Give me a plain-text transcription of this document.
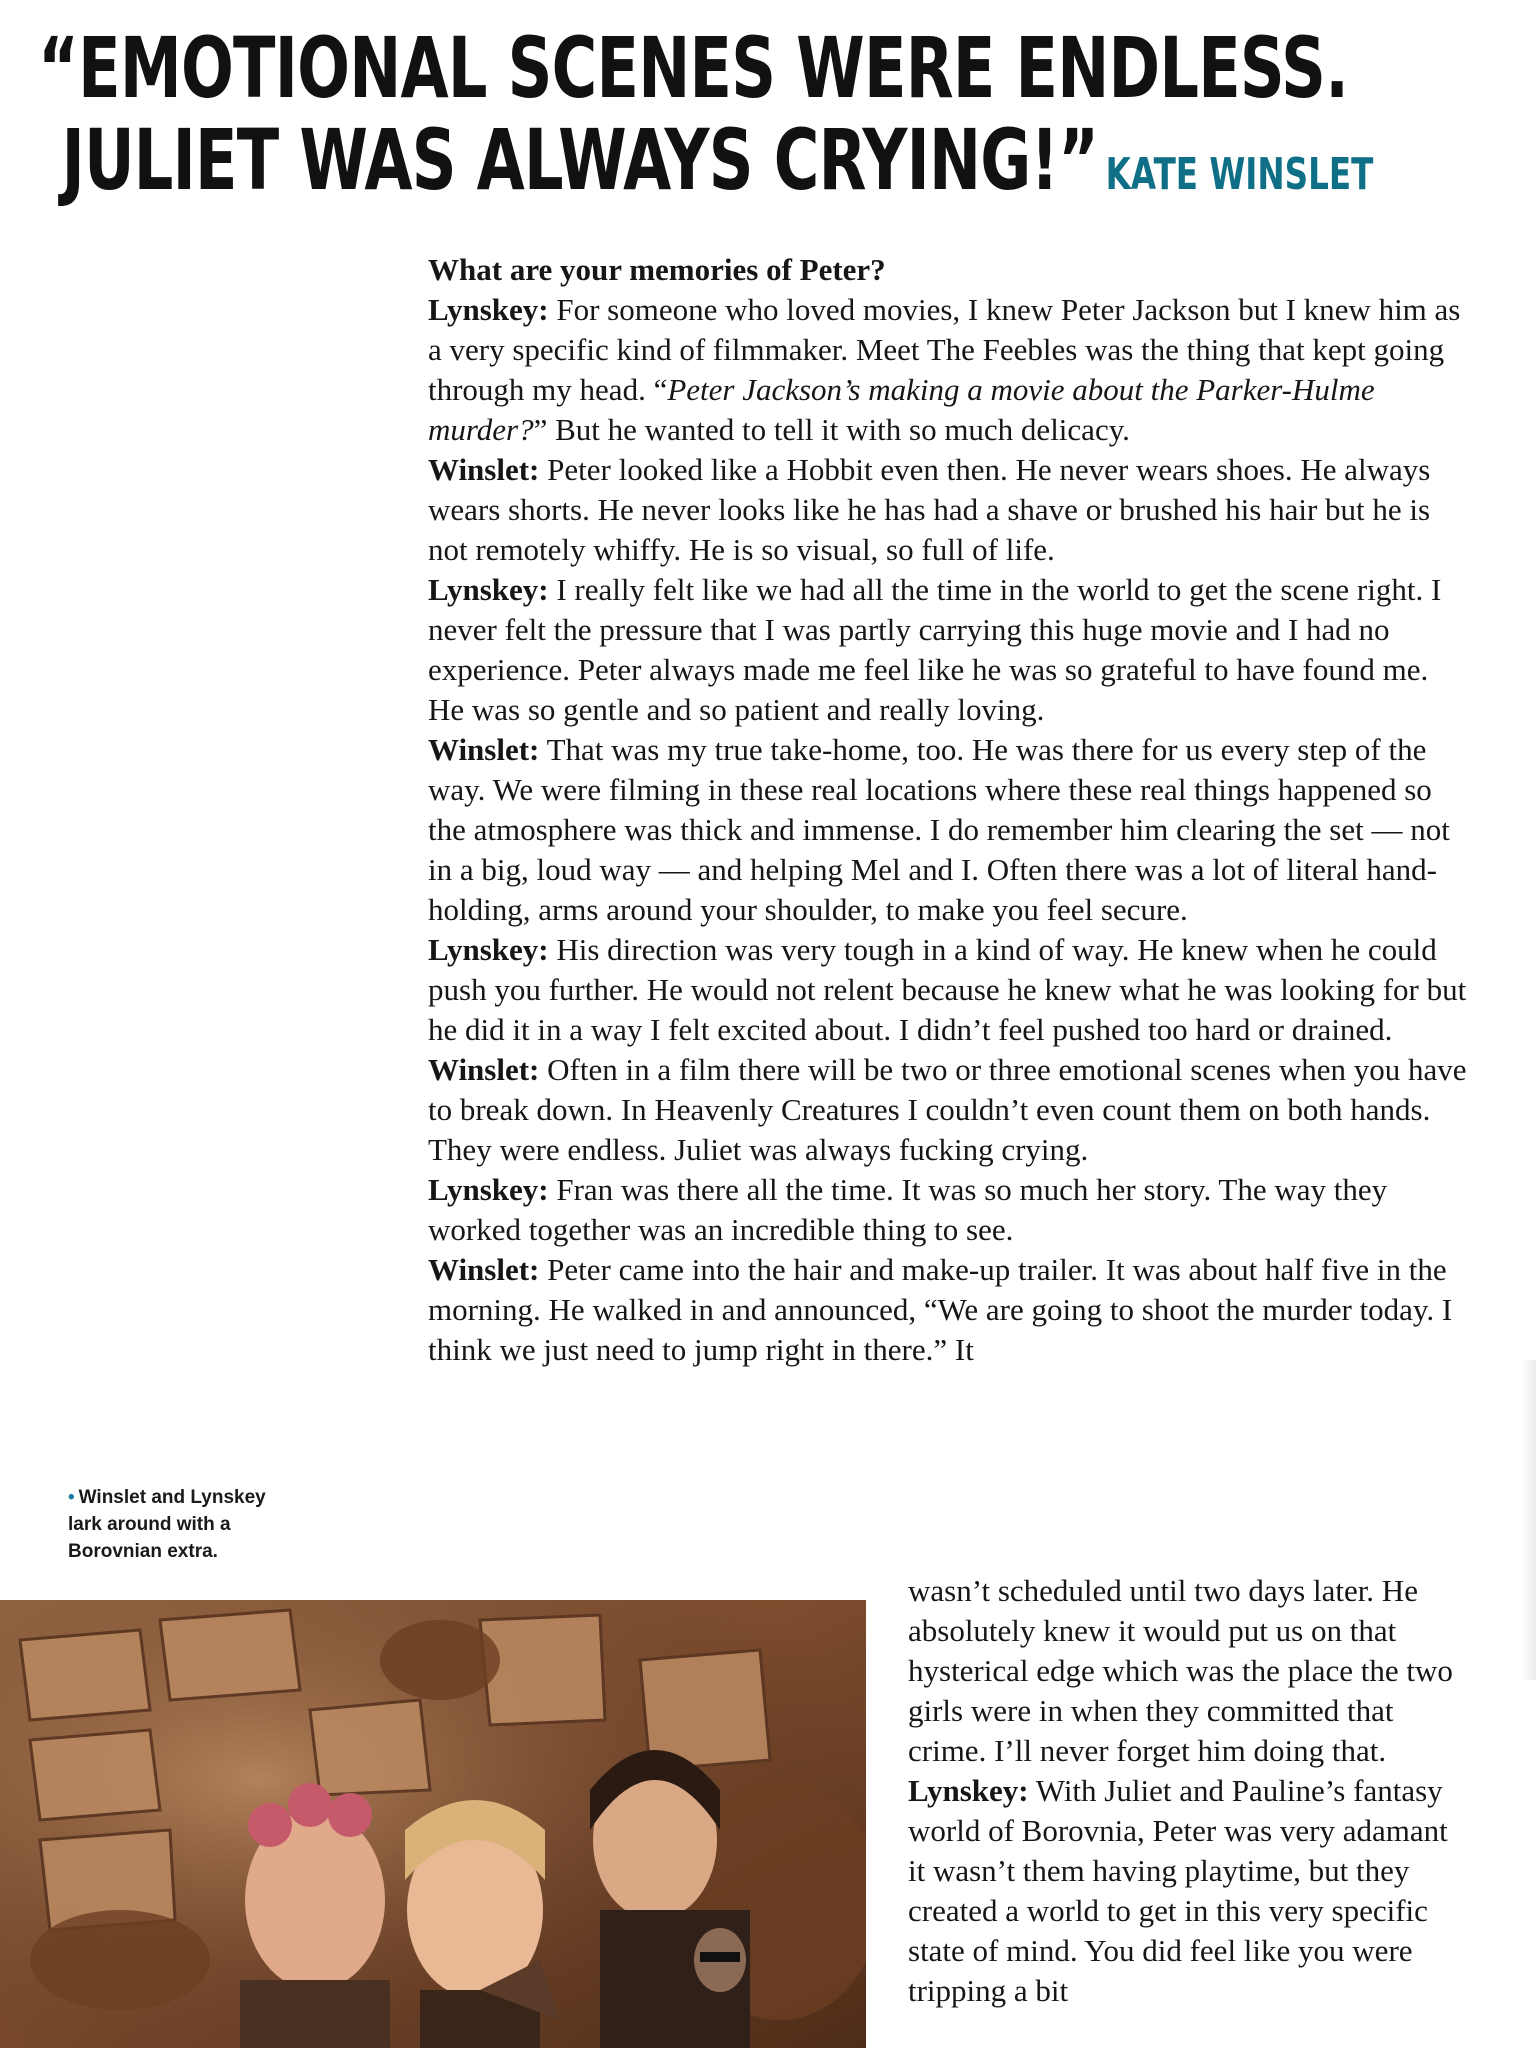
“EMOTIONAL SCENES WERE ENDLESS.
JULIET WAS ALWAYS CRYING!” KATE WINSLET

What are your memories of Peter?

Lynskey: For someone who loved movies, I knew Peter Jackson but I knew him as a very specific kind of filmmaker. Meet The Feebles was the thing that kept going through my head. “Peter Jackson’s making a movie about the Parker-Hulme murder?” But he wanted to tell it with so much delicacy.

Winslet: Peter looked like a Hobbit even then. He never wears shoes. He always wears shorts. He never looks like he has had a shave or brushed his hair but he is not remotely whiffy. He is so visual, so full of life.

Lynskey: I really felt like we had all the time in the world to get the scene right. I never felt the pressure that I was partly carrying this huge movie and I had no experience. Peter always made me feel like he was so grateful to have found me. He was so gentle and so patient and really loving.

Winslet: That was my true take-home, too. He was there for us every step of the way. We were filming in these real locations where these real things happened so the atmosphere was thick and immense. I do remember him clearing the set — not in a big, loud way — and helping Mel and I. Often there was a lot of literal hand-holding, arms around your shoulder, to make you feel secure.

Lynskey: His direction was very tough in a kind of way. He knew when he could push you further. He would not relent because he knew what he was looking for but he did it in a way I felt excited about. I didn’t feel pushed too hard or drained.

Winslet: Often in a film there will be two or three emotional scenes when you have to break down. In Heavenly Creatures I couldn’t even count them on both hands. They were endless. Juliet was always fucking crying.

Lynskey: Fran was there all the time. It was so much her story. The way they worked together was an incredible thing to see.

Winslet: Peter came into the hair and make-up trailer. It was about half five in the morning. He walked in and announced, “We are going to shoot the murder today. I think we just need to jump right in there.” It

wasn’t scheduled until two days later. He absolutely knew it would put us on that hysterical edge which was the place the two girls were in when they committed that crime. I’ll never forget him doing that.

Lynskey: With Juliet and Pauline’s fantasy world of Borovnia, Peter was very adamant it wasn’t them having playtime, but they created a world to get in this very specific state of mind. You did feel like you were tripping a bit

• Winslet and Lynskey lark around with a Borovnian extra.
